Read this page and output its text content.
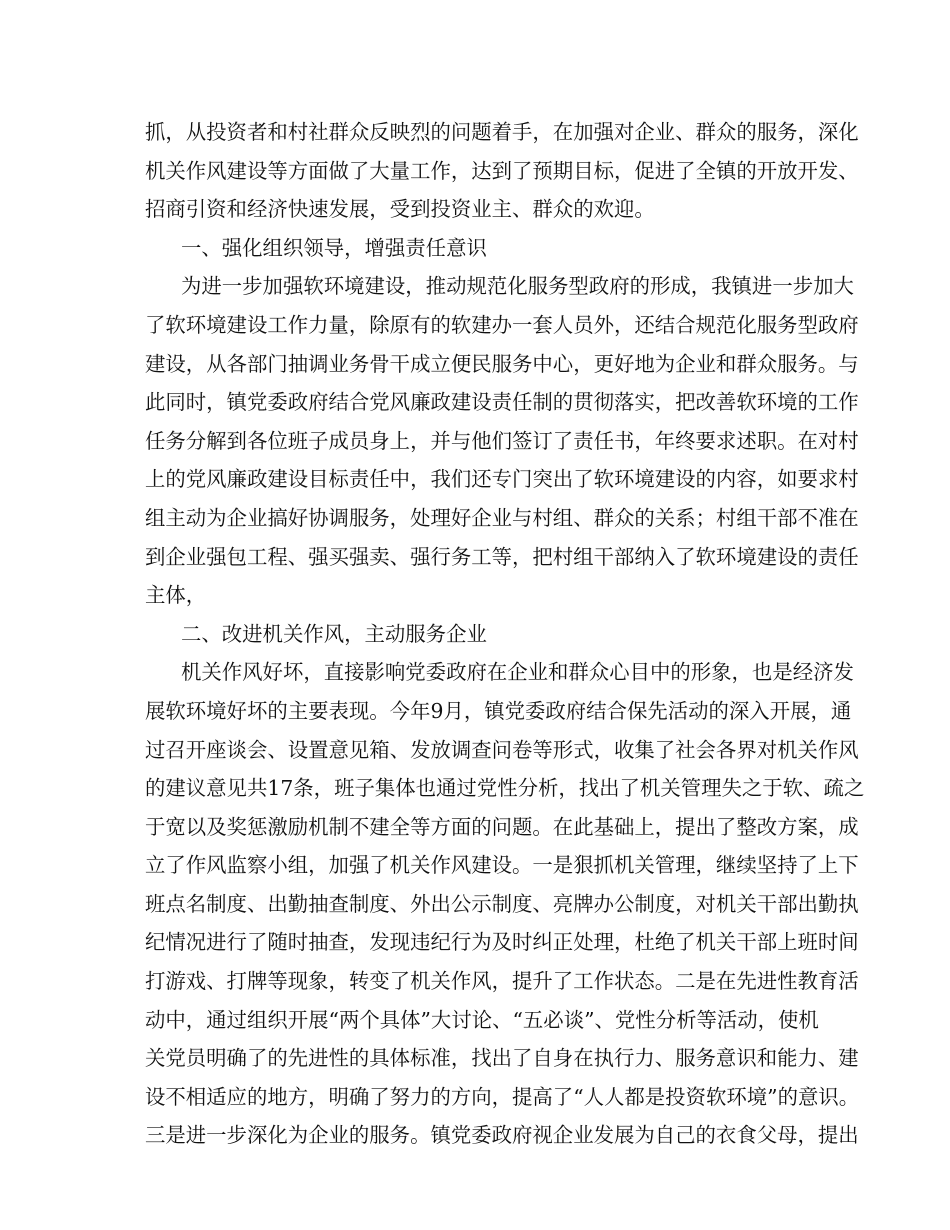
抓，从投资者和村社群众反映烈的问题着手，在加强对企业、群众的服务，深化
机关作风建设等方面做了大量工作，达到了预期目标，促进了全镇的开放开发、
招商引资和经济快速发展，受到投资业主、群众的欢迎。
一、强化组织领导，增强责任意识
为进一步加强软环境建设，推动规范化服务型政府的形成，我镇进一步加大
了软环境建设工作力量，除原有的软建办一套人员外，还结合规范化服务型政府
建设，从各部门抽调业务骨干成立便民服务中心，更好地为企业和群众服务。与
此同时，镇党委政府结合党风廉政建设责任制的贯彻落实，把改善软环境的工作
任务分解到各位班子成员身上，并与他们签订了责任书，年终要求述职。在对村
上的党风廉政建设目标责任中，我们还专门突出了软环境建设的内容，如要求村
组主动为企业搞好协调服务，处理好企业与村组、群众的关系；村组干部不准在
到企业强包工程、强买强卖、强行务工等，把村组干部纳入了软环境建设的责任
主体，
二、改进机关作风，主动服务企业
机关作风好坏，直接影响党委政府在企业和群众心目中的形象，也是经济发
展软环境好坏的主要表现。今年9月，镇党委政府结合保先活动的深入开展，通
过召开座谈会、设置意见箱、发放调查问卷等形式，收集了社会各界对机关作风
的建议意见共17条，班子集体也通过党性分析，找出了机关管理失之于软、疏之
于宽以及奖惩激励机制不建全等方面的问题。在此基础上，提出了整改方案，成
立了作风监察小组，加强了机关作风建设。一是狠抓机关管理，继续坚持了上下
班点名制度、出勤抽查制度、外出公示制度、亮牌办公制度，对机关干部出勤执
纪情况进行了随时抽查，发现违纪行为及时纠正处理，杜绝了机关干部上班时间
打游戏、打牌等现象，转变了机关作风，提升了工作状态。二是在先进性教育活
动中，通过组织开展“两个具体”大讨论、“五必谈”、党性分析等活动，使机
关党员明确了的先进性的具体标准，找出了自身在执行力、服务意识和能力、建
设不相适应的地方，明确了努力的方向，提高了“人人都是投资软环境”的意识。
三是进一步深化为企业的服务。镇党委政府视企业发展为自己的衣食父母，提出
